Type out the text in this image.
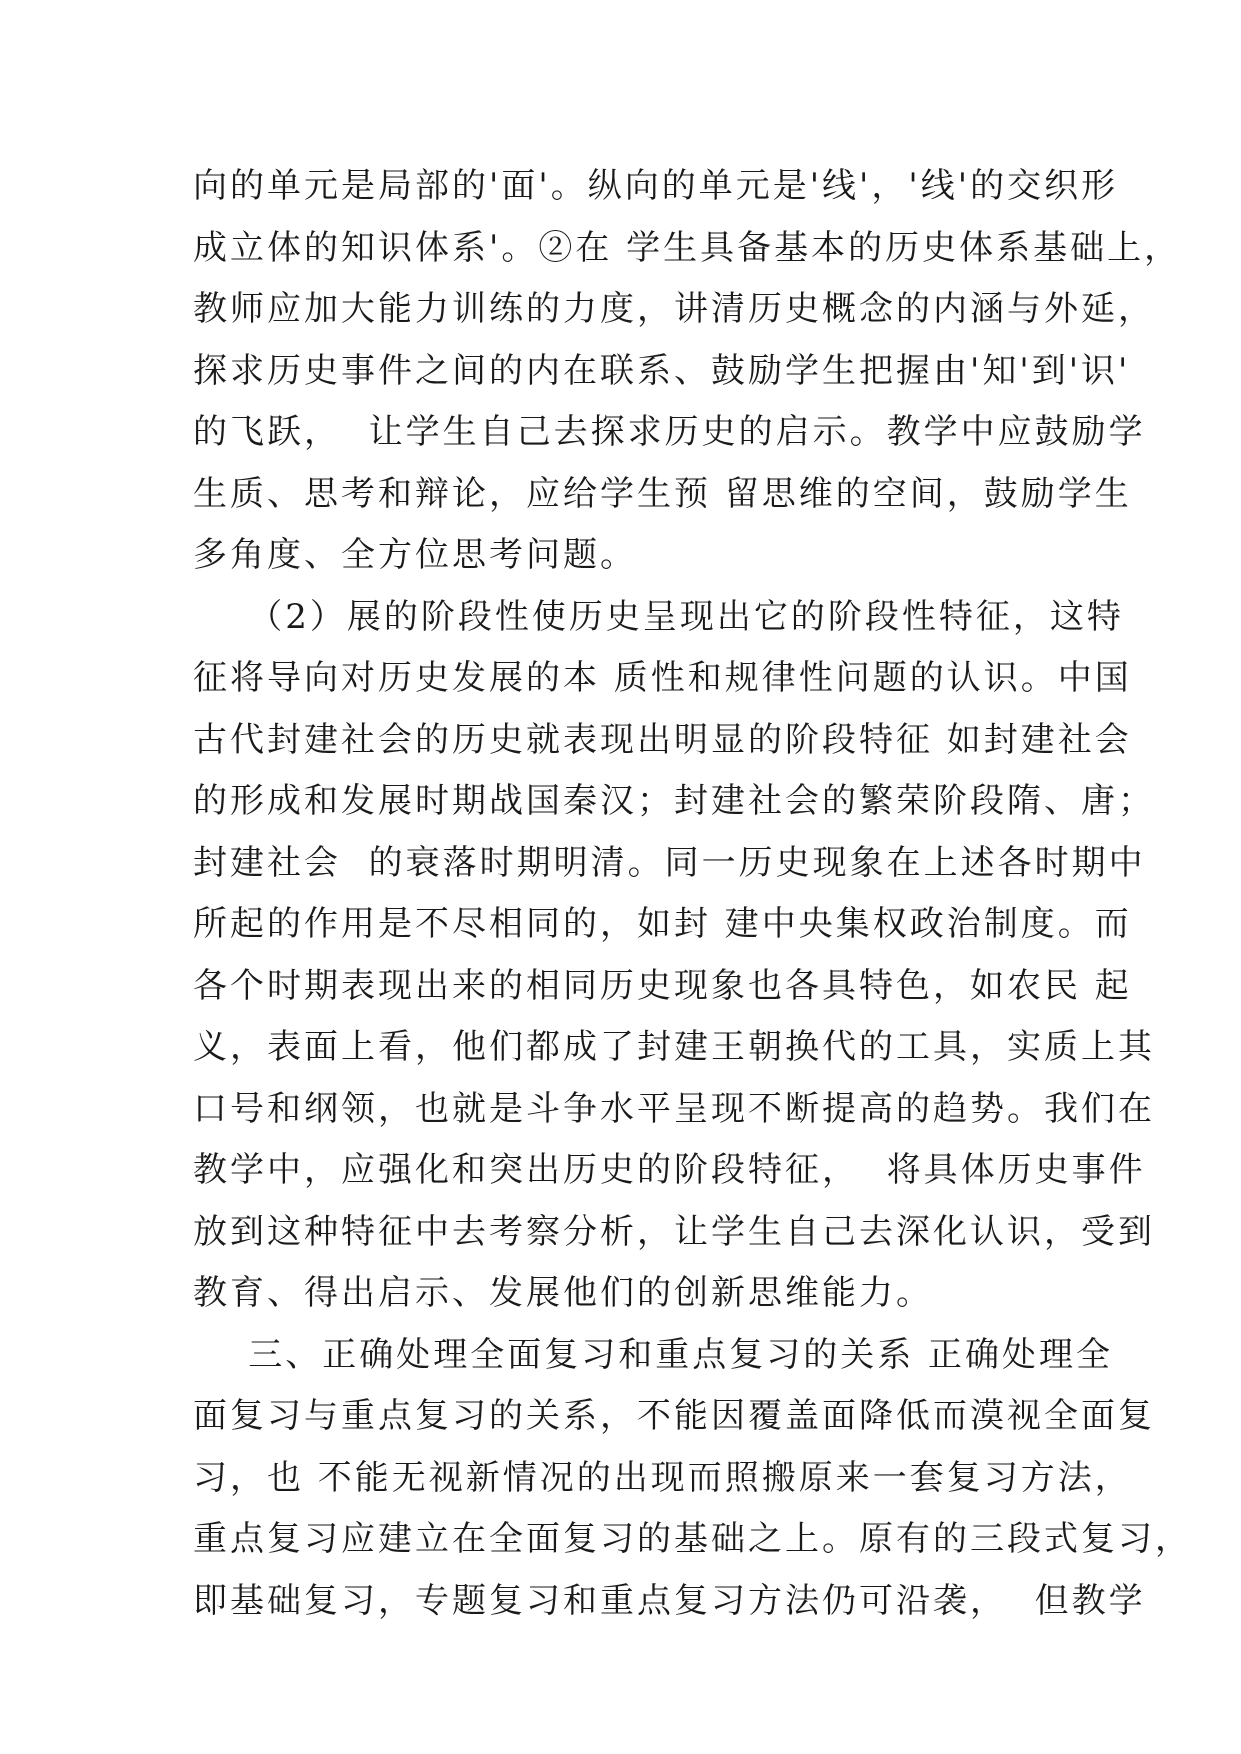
向的单元是局部的'面'。纵向的单元是'线'，'线'的交织形
成立体的知识体系'。②在 学生具备基本的历史体系基础上，
教师应加大能力训练的力度，讲清历史概念的内涵与外延，
探求历史事件之间的内在联系、鼓励学生把握由'知'到'识'
的飞跃，  让学生自己去探求历史的启示。教学中应鼓励学
生质、思考和辩论，应给学生预 留思维的空间，鼓励学生
多角度、全方位思考问题。
（2）展的阶段性使历史呈现出它的阶段性特征，这特
征将导向对历史发展的本 质性和规律性问题的认识。中国
古代封建社会的历史就表现出明显的阶段特征 如封建社会
的形成和发展时期战国秦汉；封建社会的繁荣阶段隋、唐；
封建社会  的衰落时期明清。同一历史现象在上述各时期中
所起的作用是不尽相同的，如封 建中央集权政治制度。而
各个时期表现出来的相同历史现象也各具特色，如农民 起
义，表面上看，他们都成了封建王朝换代的工具，实质上其
口号和纲领，也就是斗争水平呈现不断提高的趋势。我们在
教学中，应强化和突出历史的阶段特征，  将具体历史事件
放到这种特征中去考察分析，让学生自己去深化认识，受到
教育、得出启示、发展他们的创新思维能力。
三、正确处理全面复习和重点复习的关系 正确处理全
面复习与重点复习的关系，不能因覆盖面降低而漠视全面复
习，也 不能无视新情况的出现而照搬原来一套复习方法，
重点复习应建立在全面复习的基础之上。原有的三段式复习，
即基础复习，专题复习和重点复习方法仍可沿袭，  但教学
